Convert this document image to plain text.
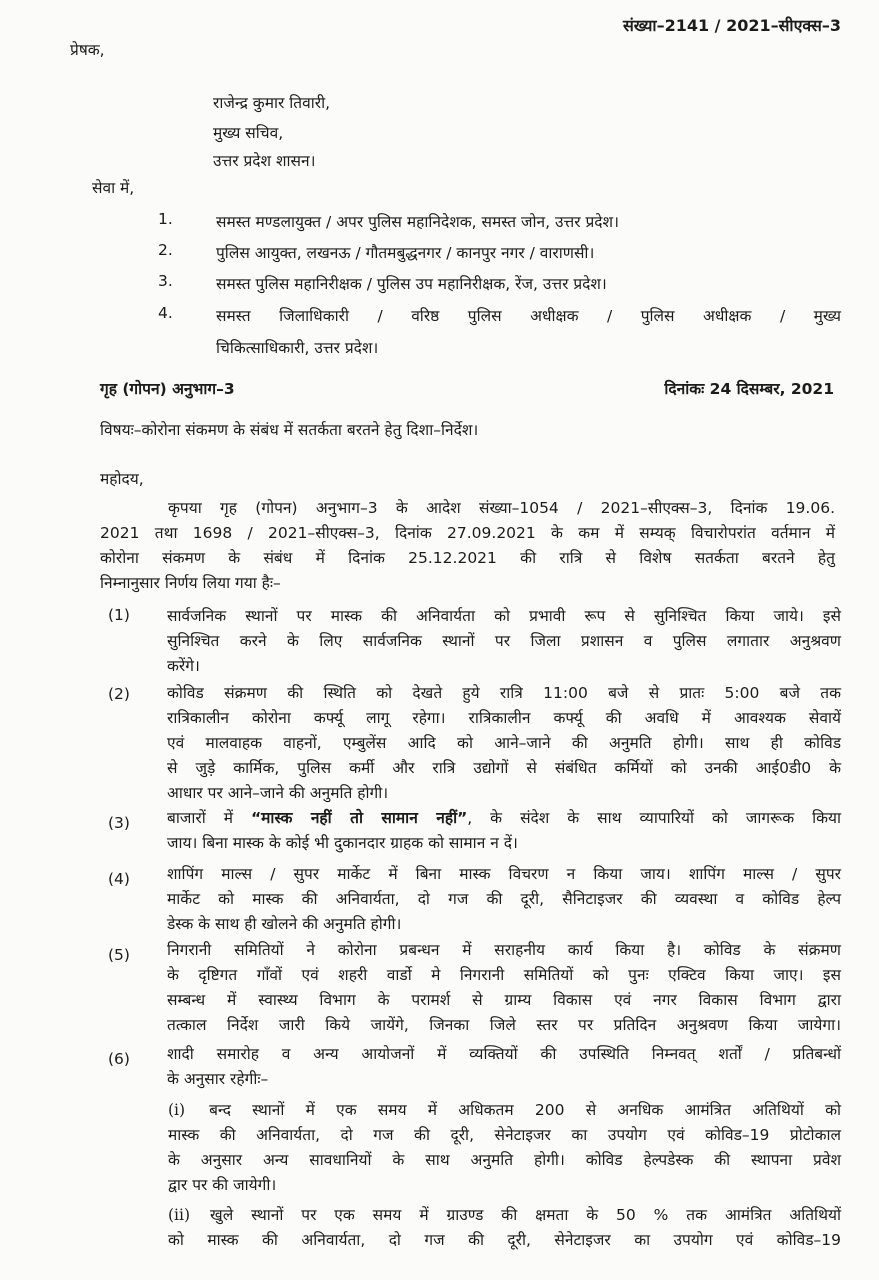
संख्या–2141 / 2021–सीएक्स–3
प्रेषक,
राजेन्द्र कुमार तिवारी,
मुख्य सचिव,
उत्तर प्रदेश शासन।
सेवा में,
1.	समस्त मण्डलायुक्त / अपर पुलिस महानिदेशक, समस्त जोन, उत्तर प्रदेश।
2.	पुलिस आयुक्त, लखनऊ / गौतमबुद्धनगर / कानपुर नगर / वाराणसी।
3.	समस्त पुलिस महानिरीक्षक / पुलिस उप महानिरीक्षक, रेंज, उत्तर प्रदेश।
4.	समस्त जिलाधिकारी / वरिष्ठ पुलिस अधीक्षक / पुलिस अधीक्षक / मुख्य
चिकित्साधिकारी, उत्तर प्रदेश।
गृह (गोपन) अनुभाग–3	दिनांकः 24 दिसम्बर, 2021
विषयः–कोरोना संकमण के संबंध में सतर्कता बरतने हेतु दिशा–निर्देश।
महोदय,
कृपया गृह (गोपन) अनुभाग–3 के आदेश संख्या–1054 / 2021–सीएक्स–3, दिनांक 19.06.
2021 तथा 1698 / 2021–सीएक्स–3, दिनांक 27.09.2021 के कम में सम्यक् विचारोपरांत वर्तमान में
कोरोना संकमण के संबंध में दिनांक 25.12.2021 की रात्रि से विशेष सतर्कता बरतने हेतु
निम्नानुसार निर्णय लिया गया हैः–
(1) सार्वजनिक स्थानों पर मास्क की अनिवार्यता को प्रभावी रूप से सुनिश्चित किया जाये। इसे
सुनिश्चित करने के लिए सार्वजनिक स्थानों पर जिला प्रशासन व पुलिस लगातार अनुश्रवण
करेंगे।
(2) कोविड संक्रमण की स्थिति को देखते हुये रात्रि 11:00 बजे से प्रातः 5:00 बजे तक
रात्रिकालीन कोरोना कर्फ्यू लागू रहेगा। रात्रिकालीन कर्फ्यू की अवधि में आवश्यक सेवायें
एवं मालवाहक वाहनों, एम्बुलेंस आदि को आने–जाने की अनुमति होगी। साथ ही कोविड
से जुड़े कार्मिक, पुलिस कर्मी और रात्रि उद्योगों से संबंधित कर्मियों को उनकी आई0डी0 के
आधार पर आने–जाने की अनुमति होगी।
(3) बाजारों में “मास्क नहीं तो सामान नहीं”, के संदेश के साथ व्यापारियों को जागरूक किया
जाय। बिना मास्क के कोई भी दुकानदार ग्राहक को सामान न दें।
(4) शापिंग माल्स / सुपर मार्केट में बिना मास्क विचरण न किया जाय। शापिंग माल्स / सुपर
मार्केट को मास्क की अनिवार्यता, दो गज की दूरी, सैनिटाइजर की व्यवस्था व कोविड हेल्प
डेस्क के साथ ही खोलने की अनुमति होगी।
(5) निगरानी समितियों ने कोरोना प्रबन्धन में सराहनीय कार्य किया है। कोविड के संक्रमण
के दृष्टिगत गाँवों एवं शहरी वार्डो मे निगरानी समितियों को पुनः एक्टिव किया जाए। इस
सम्बन्ध में स्वास्थ्य विभाग के परामर्श से ग्राम्य विकास एवं नगर विकास विभाग द्वारा
तत्काल निर्देश जारी किये जायेंगे, जिनका जिले स्तर पर प्रतिदिन अनुश्रवण किया जायेगा।
(6) शादी समारोह व अन्य आयोजनों में व्यक्तियों की उपस्थिति निम्नवत् शर्तों / प्रतिबन्धों
के अनुसार रहेगीः–
(i) बन्द स्थानों में एक समय में अधिकतम 200 से अनधिक आमंत्रित अतिथियों को
मास्क की अनिवार्यता, दो गज की दूरी, सेनेटाइजर का उपयोग एवं कोविड–19 प्रोटोकाल
के अनुसार अन्य सावधानियों के साथ अनुमति होगी। कोविड हेल्पडेस्क की स्थापना प्रवेश
द्वार पर की जायेगी।
(ii) खुले स्थानों पर एक समय में ग्राउण्ड की क्षमता के 50 % तक आमंत्रित अतिथियों
को मास्क की अनिवार्यता, दो गज की दूरी, सेनेटाइजर का उपयोग एवं कोविड–19
